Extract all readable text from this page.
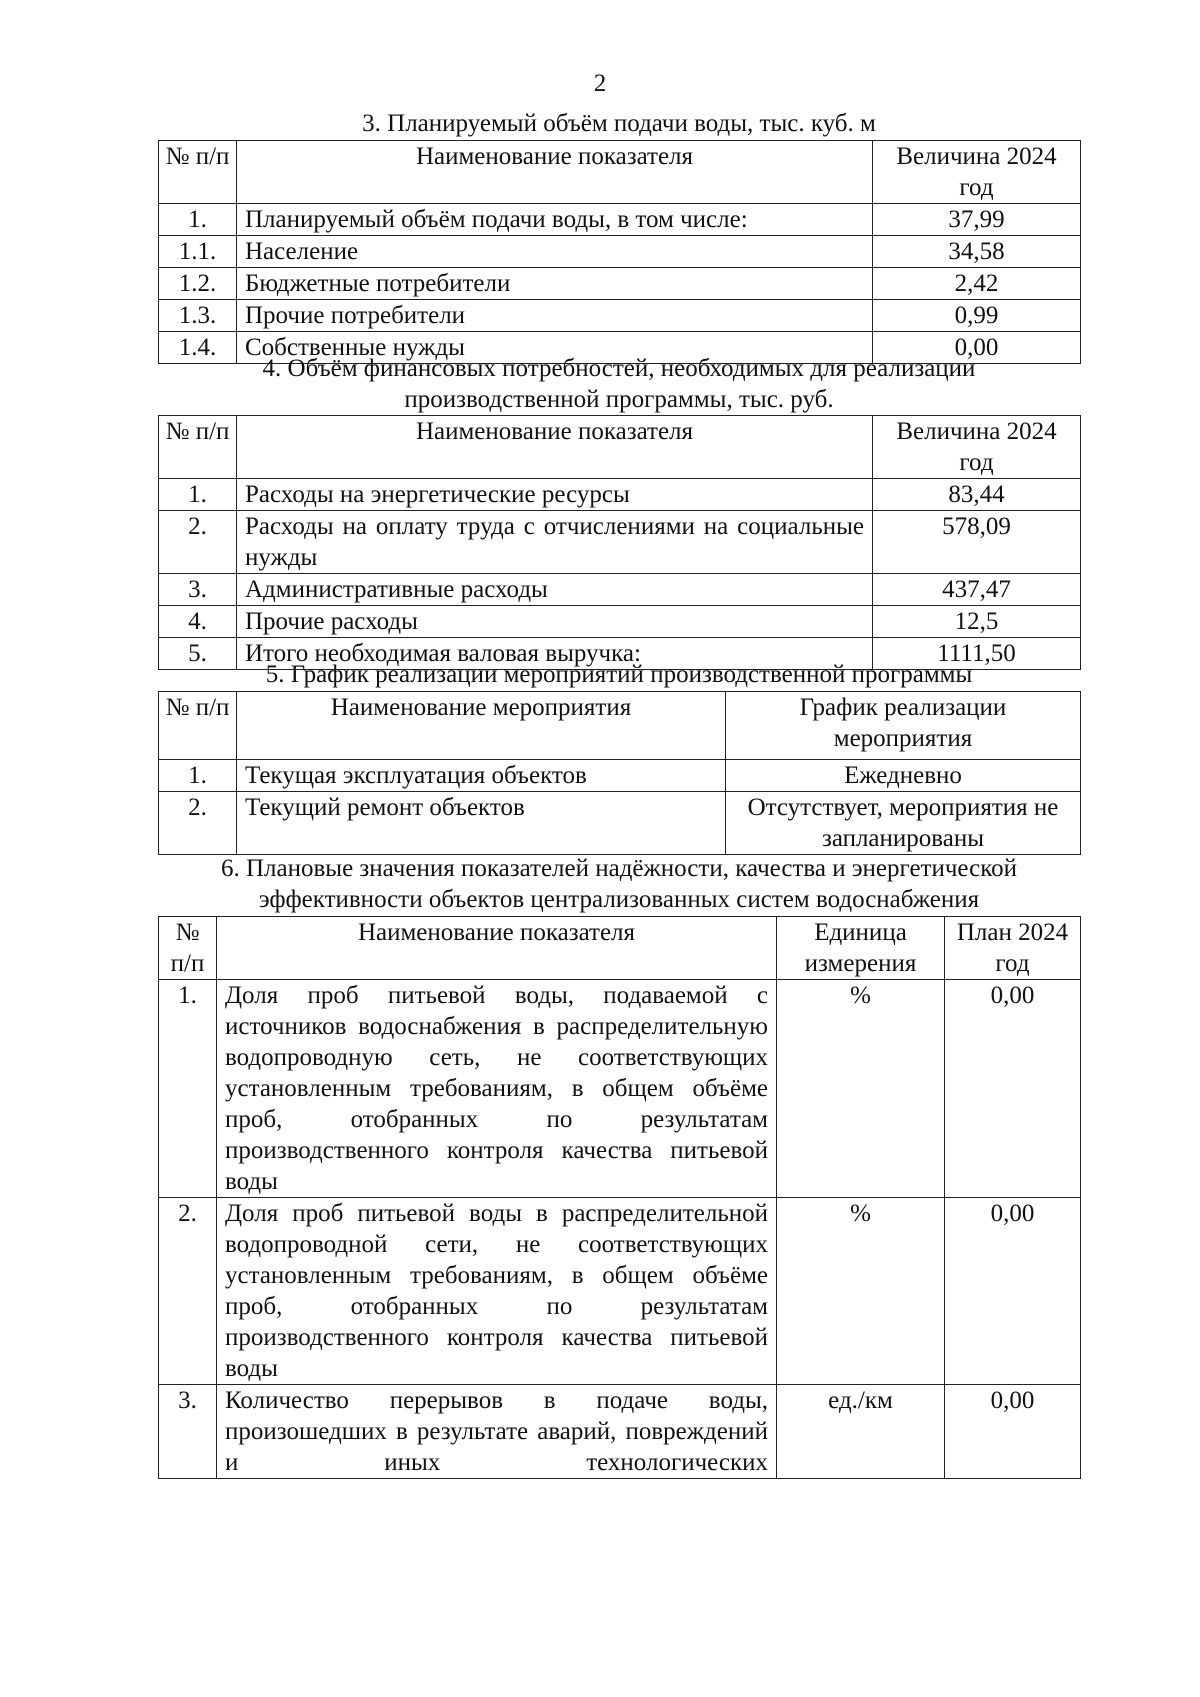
2
3. Планируемый объём подачи воды, тыс. куб. м
№ п/п	Наименование показателя	Величина 2024 год
1.	Планируемый объём подачи воды, в том числе:	37,99
1.1.	Население	34,58
1.2.	Бюджетные потребители	2,42
1.3.	Прочие потребители	0,99
1.4.	Собственные нужды	0,00
4. Объём финансовых потребностей, необходимых для реализации
производственной программы, тыс. руб.
№ п/п	Наименование показателя	Величина 2024 год
1.	Расходы на энергетические ресурсы	83,44
2.	Расходы на оплату труда с отчислениями на социальные нужды	578,09
3.	Административные расходы	437,47
4.	Прочие расходы	12,5
5.	Итого необходимая валовая выручка:	1111,50
5. График реализации мероприятий производственной программы
№ п/п	Наименование мероприятия	График реализации мероприятия
1.	Текущая эксплуатация объектов	Ежедневно
2.	Текущий ремонт объектов	Отсутствует, мероприятия не запланированы
6. Плановые значения показателей надёжности, качества и энергетической
эффективности объектов централизованных систем водоснабжения
№ п/п	Наименование показателя	Единица измерения	План 2024 год
1.	Доля проб питьевой воды, подаваемой с источников водоснабжения в распределительную водопроводную сеть, не соответствующих установленным требованиям, в общем объёме проб, отобранных по результатам производственного контроля качества питьевой воды	%	0,00
2.	Доля проб питьевой воды в распределительной водопроводной сети, не соответствующих установленным требованиям, в общем объёме проб, отобранных по результатам производственного контроля качества питьевой воды	%	0,00
3.	Количество перерывов в подаче воды, произошедших в результате аварий, повреждений и иных технологических	ед./км	0,00
